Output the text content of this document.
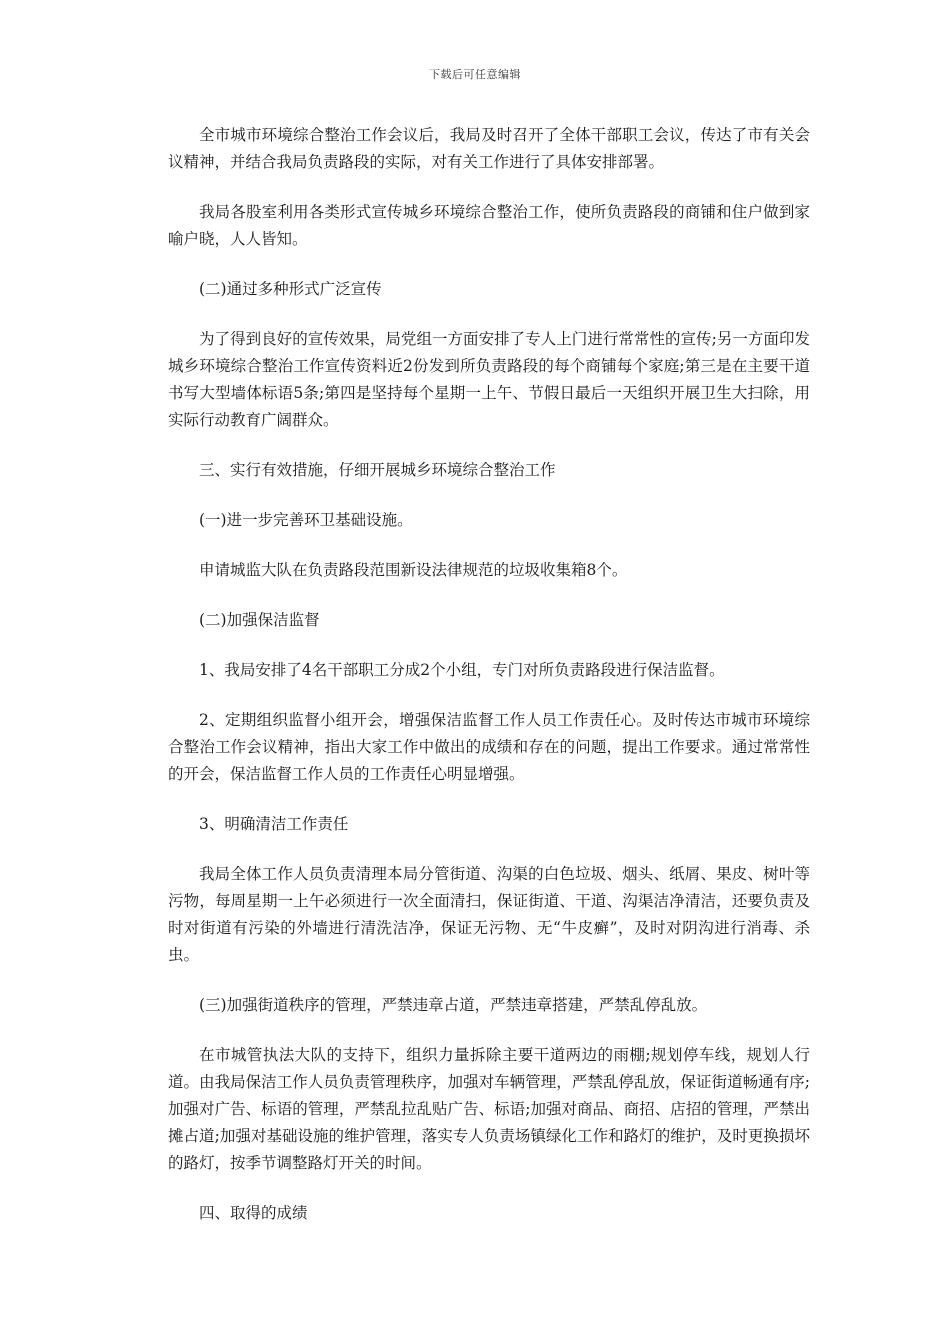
下载后可任意编辑

全市城市环境综合整治工作会议后，我局及时召开了全体干部职工会议，传达了市有关会议精神，并结合我局负责路段的实际，对有关工作进行了具体安排部署。

我局各股室利用各类形式宣传城乡环境综合整治工作，使所负责路段的商铺和住户做到家喻户晓，人人皆知。

(二)通过多种形式广泛宣传

为了得到良好的宣传效果，局党组一方面安排了专人上门进行常常性的宣传;另一方面印发城乡环境综合整治工作宣传资料近2份发到所负责路段的每个商铺每个家庭;第三是在主要干道书写大型墙体标语5条;第四是坚持每个星期一上午、节假日最后一天组织开展卫生大扫除，用实际行动教育广阔群众。

三、实行有效措施，仔细开展城乡环境综合整治工作

(一)进一步完善环卫基础设施。

申请城监大队在负责路段范围新设法律规范的垃圾收集箱8个。

(二)加强保洁监督

1、我局安排了4名干部职工分成2个小组，专门对所负责路段进行保洁监督。

2、定期组织监督小组开会，增强保洁监督工作人员工作责任心。及时传达市城市环境综合整治工作会议精神，指出大家工作中做出的成绩和存在的问题，提出工作要求。通过常常性的开会，保洁监督工作人员的工作责任心明显增强。

3、明确清洁工作责任

我局全体工作人员负责清理本局分管街道、沟渠的白色垃圾、烟头、纸屑、果皮、树叶等污物，每周星期一上午必须进行一次全面清扫，保证街道、干道、沟渠洁净清洁，还要负责及时对街道有污染的外墙进行清洗洁净，保证无污物、无“牛皮癣”，及时对阴沟进行消毒、杀虫。

(三)加强街道秩序的管理，严禁违章占道，严禁违章搭建，严禁乱停乱放。

在市城管执法大队的支持下，组织力量拆除主要干道两边的雨棚;规划停车线，规划人行道。由我局保洁工作人员负责管理秩序，加强对车辆管理，严禁乱停乱放，保证街道畅通有序;加强对广告、标语的管理，严禁乱拉乱贴广告、标语;加强对商品、商招、店招的管理，严禁出摊占道;加强对基础设施的维护管理，落实专人负责场镇绿化工作和路灯的维护，及时更换损坏的路灯，按季节调整路灯开关的时间。

四、取得的成绩
